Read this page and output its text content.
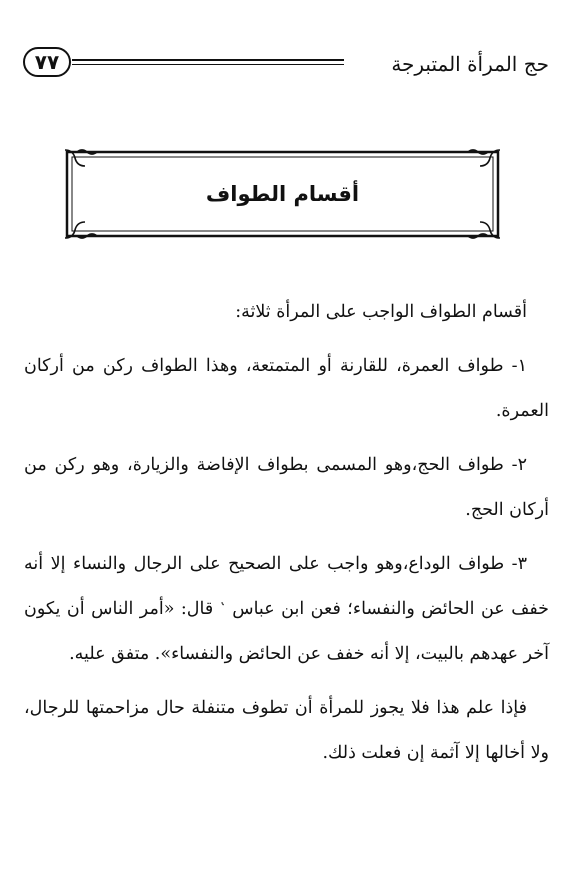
٧٧	حج المرأة المتبرجة
أقسام الطواف

أقسام الطواف الواجب على المرأة ثلاثة:

١- طواف العمرة، للقارنة أو المتمتعة، وهذا الطواف ركن من أركان العمرة.

٢- طواف الحج،وهو المسمى بطواف الإفاضة والزيارة، وهو ركن من أركان الحج.

٣- طواف الوداع،وهو واجب على الصحيح على الرجال والنساء إلا أنه خفف عن الحائض والنفساء؛ فعن ابن عباس ﮽ قال: «أمر الناس أن يكون آخر عهدهم بالبيت، إلا أنه خفف عن الحائض والنفساء». متفق عليه.

فإذا علم هذا فلا يجوز للمرأة أن تطوف متنفلة حال مزاحمتها للرجال، ولا أخالها إلا آثمة إن فعلت ذلك.
